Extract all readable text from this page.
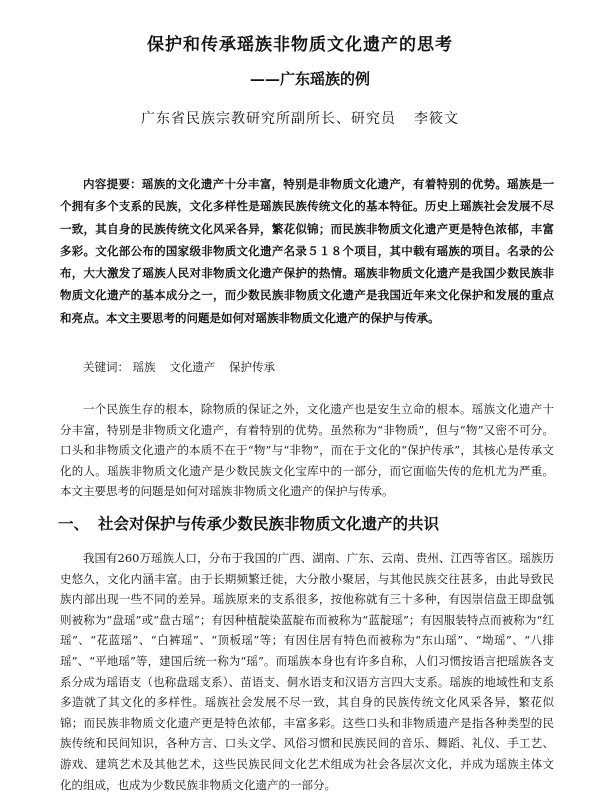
保护和传承瑶族非物质文化遗产的思考
——广东瑶族的例
广东省民族宗教研究所副所长、研究员 李筱文
内容提要：瑶族的文化遗产十分丰富，特别是非物质文化遗产，有着特别的优势。瑶族是一个拥有多个支系的民族，文化多样性是瑶族民族传统文化的基本特征。历史上瑶族社会发展不尽一致，其自身的民族传统文化风采各异，繁花似锦；而民族非物质文化遗产更是特色浓郁，丰富多彩。文化部公布的国家级非物质文化遗产名录５１８个项目，其中载有瑶族的项目。名录的公布，大大激发了瑶族人民对非物质文化遗产保护的热情。瑶族非物质文化遗产是我国少数民族非物质文化遗产的基本成分之一，而少数民族非物质文化遗产是我国近年来文化保护和发展的重点和亮点。本文主要思考的问题是如何对瑶族非物质文化遗产的保护与传承。
关键词： 瑶族 文化遗产 保护传承
一个民族生存的根本，除物质的保证之外，文化遗产也是安生立命的根本。瑶族文化遗产十分丰富，特别是非物质文化遗产，有着特别的优势。虽然称为“非物质”，但与“物”又密不可分。口头和非物质文化遗产的本质不在于“物”与“非物”，而在于文化的“保护传承”，其核心是传承文化的人。瑶族非物质文化遗产是少数民族文化宝库中的一部分，而它面临失传的危机尤为严重。本文主要思考的问题是如何对瑶族非物质文化遗产的保护与传承。
一、 社会对保护与传承少数民族非物质文化遗产的共识
我国有260万瑶族人口，分布于我国的广西、湖南、广东、云南、贵州、江西等省区。瑶族历史悠久，文化内涵丰富。由于长期频繁迁徙，大分散小聚居，与其他民族交往甚多，由此导致民族内部出现一些不同的差异。瑶族原来的支系很多，按他称就有三十多种，有因崇信盘王即盘瓠则被称为“盘瑶”或“盘古瑶”；有因种植靛染蓝靛布而被称为“蓝靛瑶”；有因服装特点而被称为“红瑶”、“花蓝瑶”、“白裤瑶”、“顶板瑶”等；有因住居有特色而被称为“东山瑶”、“坳瑶”、“八排瑶”、“平地瑶”等，建国后统一称为“瑶”。而瑶族本身也有许多自称，人们习惯按语言把瑶族各支系分成为瑶语支（也称盘瑶支系）、苗语支、侗水语支和汉语方言四大支系。瑶族的地域性和支系多造就了其文化的多样性。瑶族社会发展不尽一致，其自身的民族传统文化风采各异，繁花似锦；而民族非物质文化遗产更是特色浓郁，丰富多彩。这些口头和非物质遗产是指各种类型的民族传统和民间知识，各种方言、口头文学、风俗习惯和民族民间的音乐、舞蹈、礼仪、手工艺、游戏、建筑艺术及其他艺术，这些民族民间文化艺术组成为社会各层次文化，并成为瑶族主体文化的组成，也成为少数民族非物质文化遗产的一部分。
